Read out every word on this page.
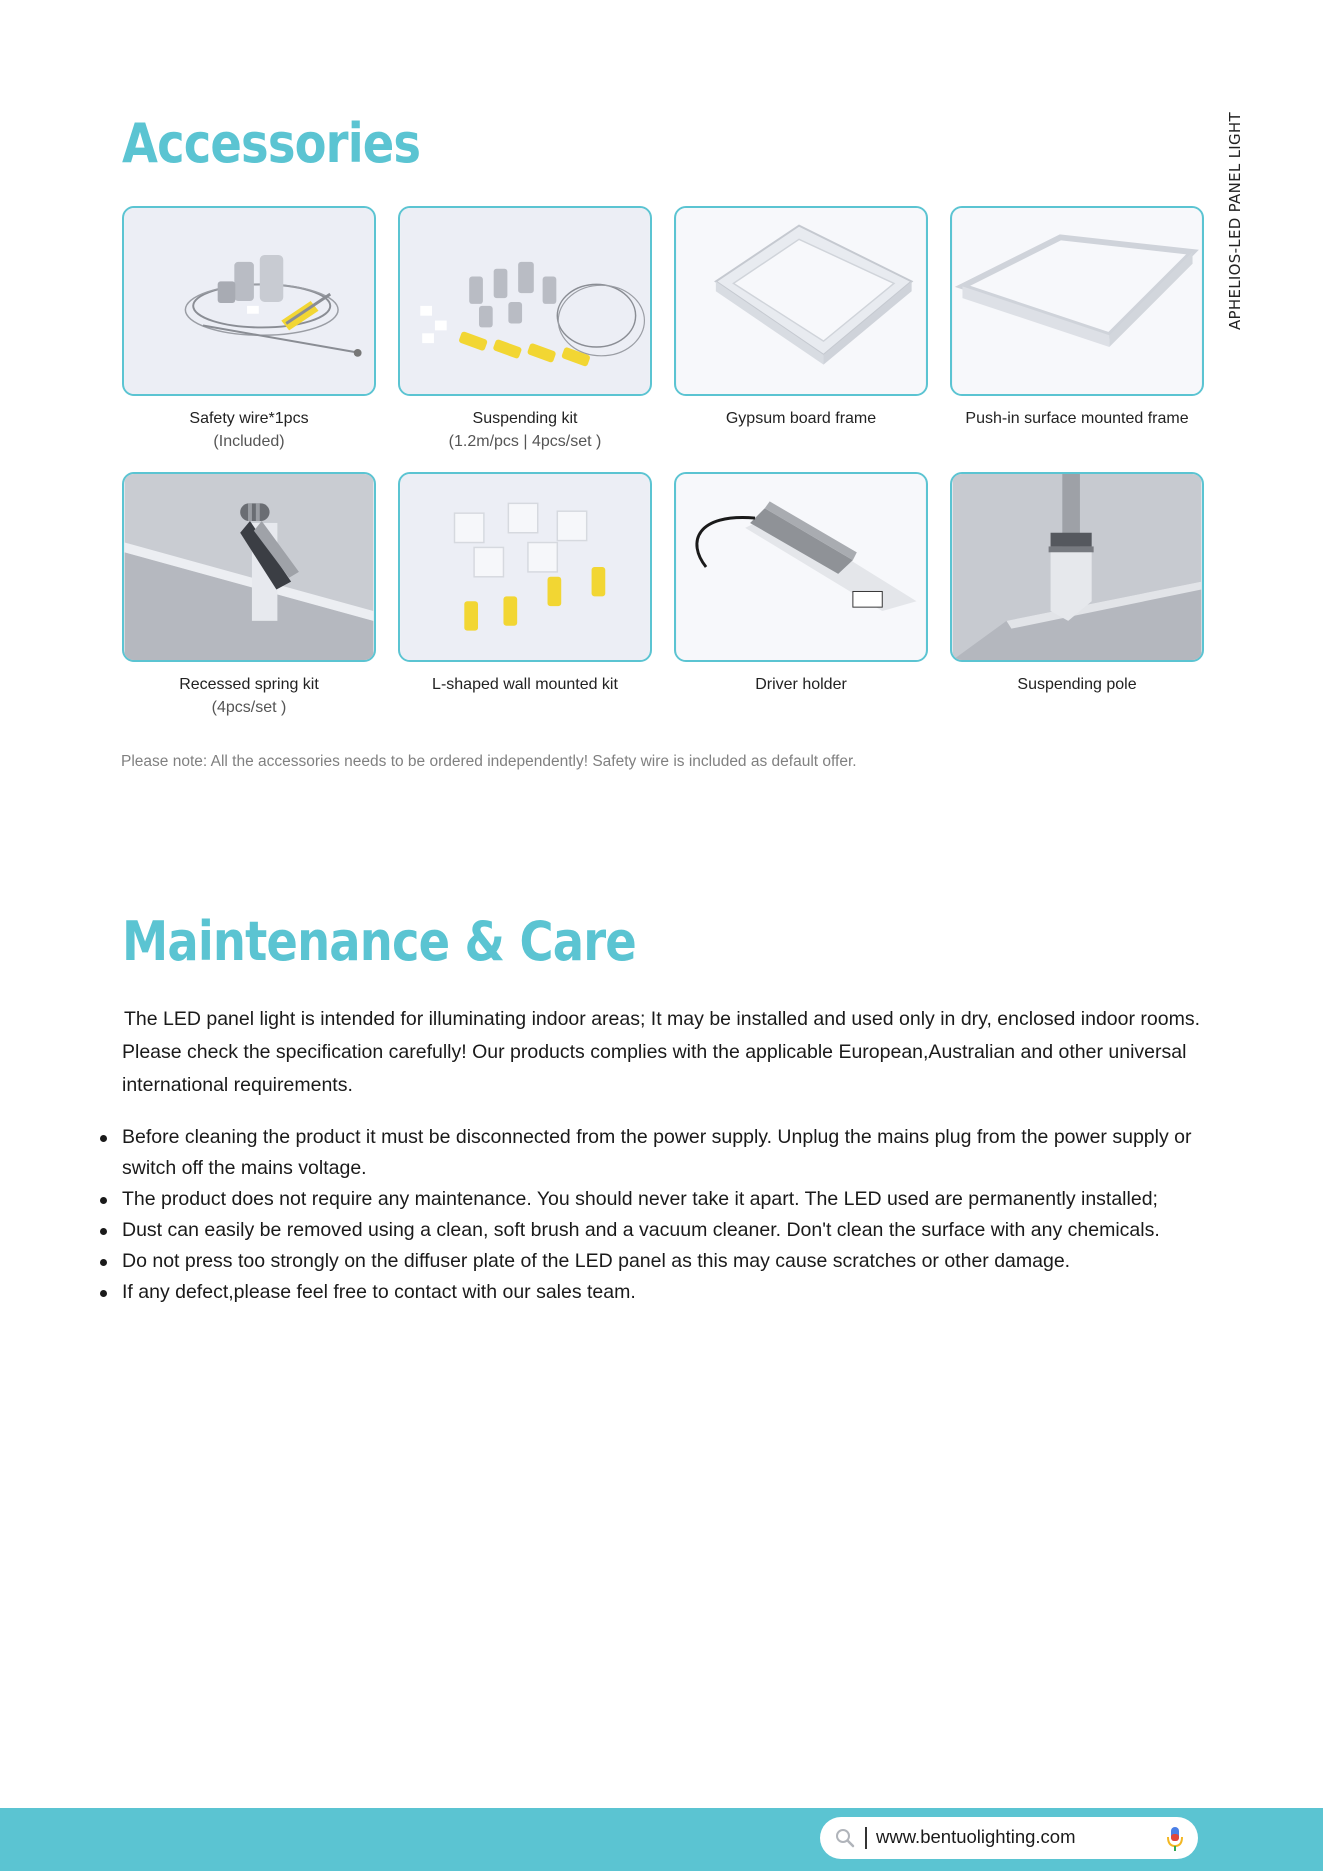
APHELIOS-LED PANEL LIGHT
Accessories
Safety wire*1pcs
(Included)
Suspending kit
(1.2m/pcs | 4pcs/set )
Gypsum board frame	Push-in surface mounted frame
Recessed spring kit
(4pcs/set )
L-shaped wall mounted kit	Driver holder	Suspending pole
Please note: All the accessories needs to be ordered independently! Safety wire is included as default offer.
Maintenance & Care

The LED panel light is intended for illuminating indoor areas; It may be installed and used only in dry, enclosed indoor rooms. Please check the specification carefully! Our products complies with the applicable European,Australian and other universal international requirements.

Before cleaning the product it must be disconnected from the power supply. Unplug the mains plug from the power supply or switch off the mains voltage.
The product does not require any maintenance. You should never take it apart. The LED used are permanently installed;
Dust can easily be removed using a clean, soft brush and a vacuum cleaner. Don't clean the surface with any chemicals.
Do not press too strongly on the diffuser plate of the LED panel as this may cause scratches or other damage.
If any defect,please feel free to contact with our sales team.
www.bentuolighting.com
